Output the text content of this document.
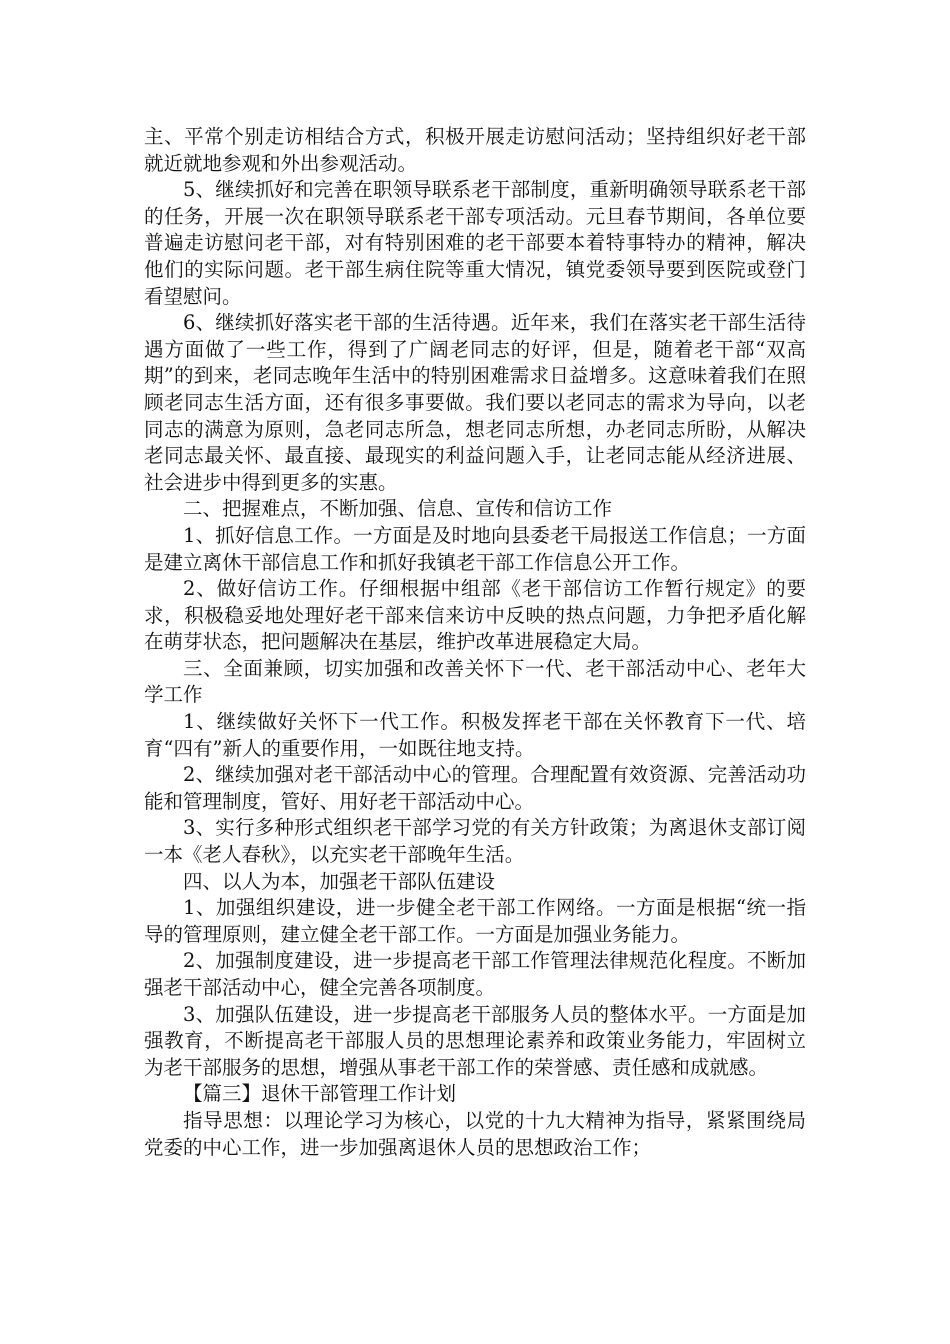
主、平常个别走访相结合方式，积极开展走访慰问活动；坚持组织好老干部就近就地参观和外出参观活动。

5、继续抓好和完善在职领导联系老干部制度，重新明确领导联系老干部的任务，开展一次在职领导联系老干部专项活动。元旦春节期间，各单位要普遍走访慰问老干部，对有特别困难的老干部要本着特事特办的精神，解决他们的实际问题。老干部生病住院等重大情况，镇党委领导要到医院或登门看望慰问。

6、继续抓好落实老干部的生活待遇。近年来，我们在落实老干部生活待遇方面做了一些工作，得到了广阔老同志的好评，但是，随着老干部“双高期”的到来，老同志晚年生活中的特别困难需求日益增多。这意味着我们在照顾老同志生活方面，还有很多事要做。我们要以老同志的需求为导向，以老同志的满意为原则，急老同志所急，想老同志所想，办老同志所盼，从解决老同志最关怀、最直接、最现实的利益问题入手，让老同志能从经济进展、社会进步中得到更多的实惠。

二、把握难点，不断加强、信息、宣传和信访工作

1、抓好信息工作。一方面是及时地向县委老干局报送工作信息；一方面是建立离休干部信息工作和抓好我镇老干部工作信息公开工作。

2、做好信访工作。仔细根据中组部《老干部信访工作暂行规定》的要求，积极稳妥地处理好老干部来信来访中反映的热点问题，力争把矛盾化解在萌芽状态，把问题解决在基层，维护改革进展稳定大局。

三、全面兼顾，切实加强和改善关怀下一代、老干部活动中心、老年大学工作

1、继续做好关怀下一代工作。积极发挥老干部在关怀教育下一代、培育“四有”新人的重要作用，一如既往地支持。

2、继续加强对老干部活动中心的管理。合理配置有效资源、完善活动功能和管理制度，管好、用好老干部活动中心。

3、实行多种形式组织老干部学习党的有关方针政策；为离退休支部订阅一本《老人春秋》，以充实老干部晚年生活。

四、以人为本，加强老干部队伍建设

1、加强组织建设，进一步健全老干部工作网络。一方面是根据“统一指导的管理原则，建立健全老干部工作。一方面是加强业务能力。

2、加强制度建设，进一步提高老干部工作管理法律规范化程度。不断加强老干部活动中心，健全完善各项制度。

3、加强队伍建设，进一步提高老干部服务人员的整体水平。一方面是加强教育，不断提高老干部服人员的思想理论素养和政策业务能力，牢固树立为老干部服务的思想，增强从事老干部工作的荣誉感、责任感和成就感。

【篇三】退休干部管理工作计划

指导思想：以理论学习为核心，以党的十九大精神为指导，紧紧围绕局党委的中心工作，进一步加强离退休人员的思想政治工作；
